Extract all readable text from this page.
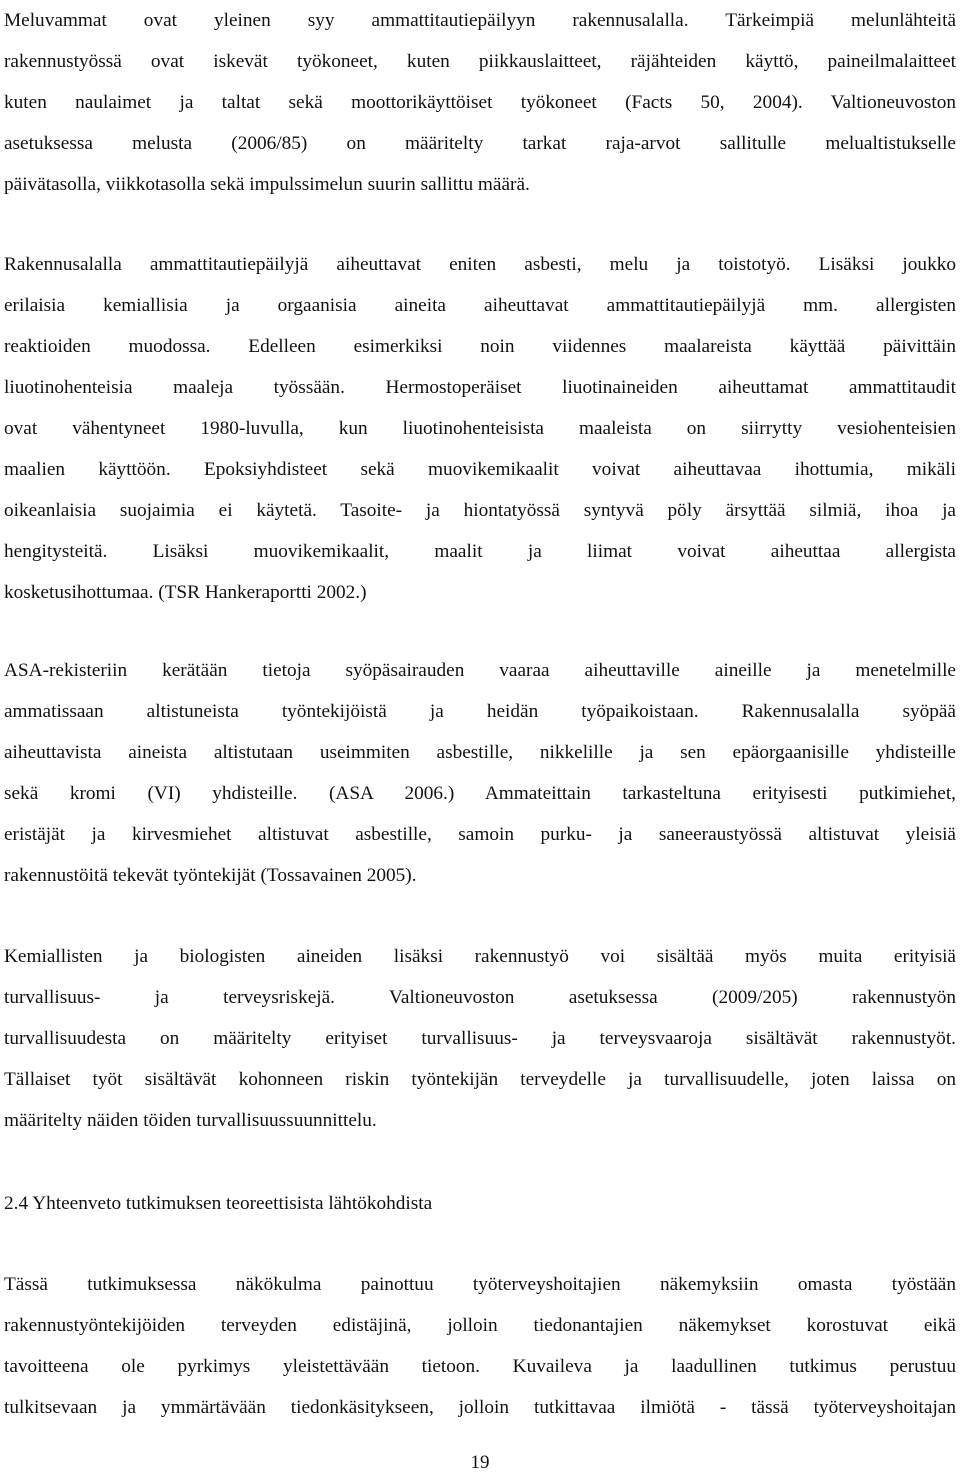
Meluvammat ovat yleinen syy ammattitautiepäilyyn rakennusalalla. Tärkeimpiä melunlähteitä
rakennustyössä ovat iskevät työkoneet, kuten piikkauslaitteet, räjähteiden käyttö, paineilmalaitteet
kuten naulaimet ja taltat sekä moottorikäyttöiset työkoneet (Facts 50, 2004). Valtioneuvoston
asetuksessa melusta (2006/85) on määritelty tarkat raja-arvot sallitulle melualtistukselle
päivätasolla, viikkotasolla sekä impulssimelun suurin sallittu määrä.
Rakennusalalla ammattitautiepäilyjä aiheuttavat eniten asbesti, melu ja toistotyö. Lisäksi joukko
erilaisia kemiallisia ja orgaanisia aineita aiheuttavat ammattitautiepäilyjä mm. allergisten
reaktioiden muodossa. Edelleen esimerkiksi noin viidennes maalareista käyttää päivittäin
liuotinohenteisia maaleja työssään. Hermostoperäiset liuotinaineiden aiheuttamat ammattitaudit
ovat vähentyneet 1980-luvulla, kun liuotinohenteisista maaleista on siirrytty vesiohenteisien
maalien käyttöön. Epoksiyhdisteet sekä muovikemikaalit voivat aiheuttavaa ihottumia, mikäli
oikeanlaisia suojaimia ei käytetä. Tasoite- ja hiontatyössä syntyvä pöly ärsyttää silmiä, ihoa ja
hengitysteitä. Lisäksi muovikemikaalit, maalit ja liimat voivat aiheuttaa allergista
kosketusihottumaa. (TSR Hankeraportti 2002.)
ASA-rekisteriin kerätään tietoja syöpäsairauden vaaraa aiheuttaville aineille ja menetelmille
ammatissaan altistuneista työntekijöistä ja heidän työpaikoistaan. Rakennusalalla syöpää
aiheuttavista aineista altistutaan useimmiten asbestille, nikkelille ja sen epäorgaanisille yhdisteille
sekä kromi (VI) yhdisteille. (ASA 2006.) Ammateittain tarkasteltuna erityisesti putkimiehet,
eristäjät ja kirvesmiehet altistuvat asbestille, samoin purku- ja saneeraustyössä altistuvat yleisiä
rakennustöitä tekevät työntekijät (Tossavainen 2005).
Kemiallisten ja biologisten aineiden lisäksi rakennustyö voi sisältää myös muita erityisiä
turvallisuus- ja terveysriskejä. Valtioneuvoston asetuksessa (2009/205) rakennustyön
turvallisuudesta on määritelty erityiset turvallisuus- ja terveysvaaroja sisältävät rakennustyöt.
Tällaiset työt sisältävät kohonneen riskin työntekijän terveydelle ja turvallisuudelle, joten laissa on
määritelty näiden töiden turvallisuussuunnittelu.
2.4 Yhteenveto tutkimuksen teoreettisista lähtökohdista
Tässä tutkimuksessa näkökulma painottuu työterveyshoitajien näkemyksiin omasta työstään
rakennustyöntekijöiden terveyden edistäjinä, jolloin tiedonantajien näkemykset korostuvat eikä
tavoitteena ole pyrkimys yleistettävään tietoon. Kuvaileva ja laadullinen tutkimus perustuu
tulkitsevaan ja ymmärtävään tiedonkäsitykseen, jolloin tutkittavaa ilmiötä - tässä työterveyshoitajan
19
